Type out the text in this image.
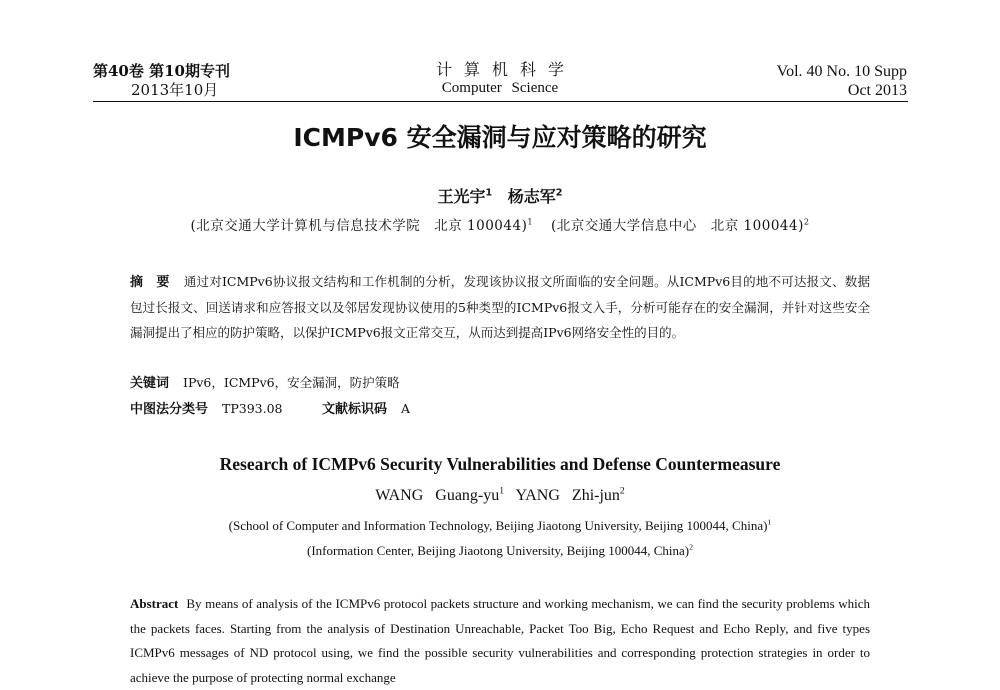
第40卷 第10期专刊
2013年10月
计算机科学
Computer Science
Vol. 40 No. 10 Supp
Oct 2013
ICMPv6 安全漏洞与应对策略的研究
王光宇$^1$ 杨志军$^2$
(北京交通大学计算机与信息技术学院　北京 100044)$^1$ (北京交通大学信息中心　北京 100044)$^2$
摘　要 通过对ICMPv6协议报文结构和工作机制的分析，发现该协议报文所面临的安全问题。从ICMPv6目的地不可达报文、数据包过长报文、回送请求和应答报文以及邻居发现协议使用的5种类型的ICMPv6报文入手，分析可能存在的安全漏洞，并针对这些安全漏洞提出了相应的防护策略，以保护ICMPv6报文正常交互，从而达到提高IPv6网络安全性的目的。
关键词 IPv6，ICMPv6，安全漏洞，防护策略
中图法分类号 TP393.08	文献标识码 A
Research of ICMPv6 Security Vulnerabilities and Defense Countermeasure
WANG Guang-$yu^1$ YANG Zhi-jun$^2$
(School of Computer and Information Technology, Beijing Jiaotong University, Beijing 100044, China)$^1$
(Information Center, Beijing Jiaotong University, Beijing 100044, China)$^2$
Abstract By means of analysis of the ICMPv6 protocol packets structure and working mechanism, we can find the security problems which the packets faces. Starting from the analysis of Destination Unreachable, Packet Too Big, Echo Request and Echo Reply, and five types ICMPv6 messages of ND protocol using, we find the possible security vulnerabilities and corresponding protection strategies in order to achieve the purpose of protecting normal exchange
